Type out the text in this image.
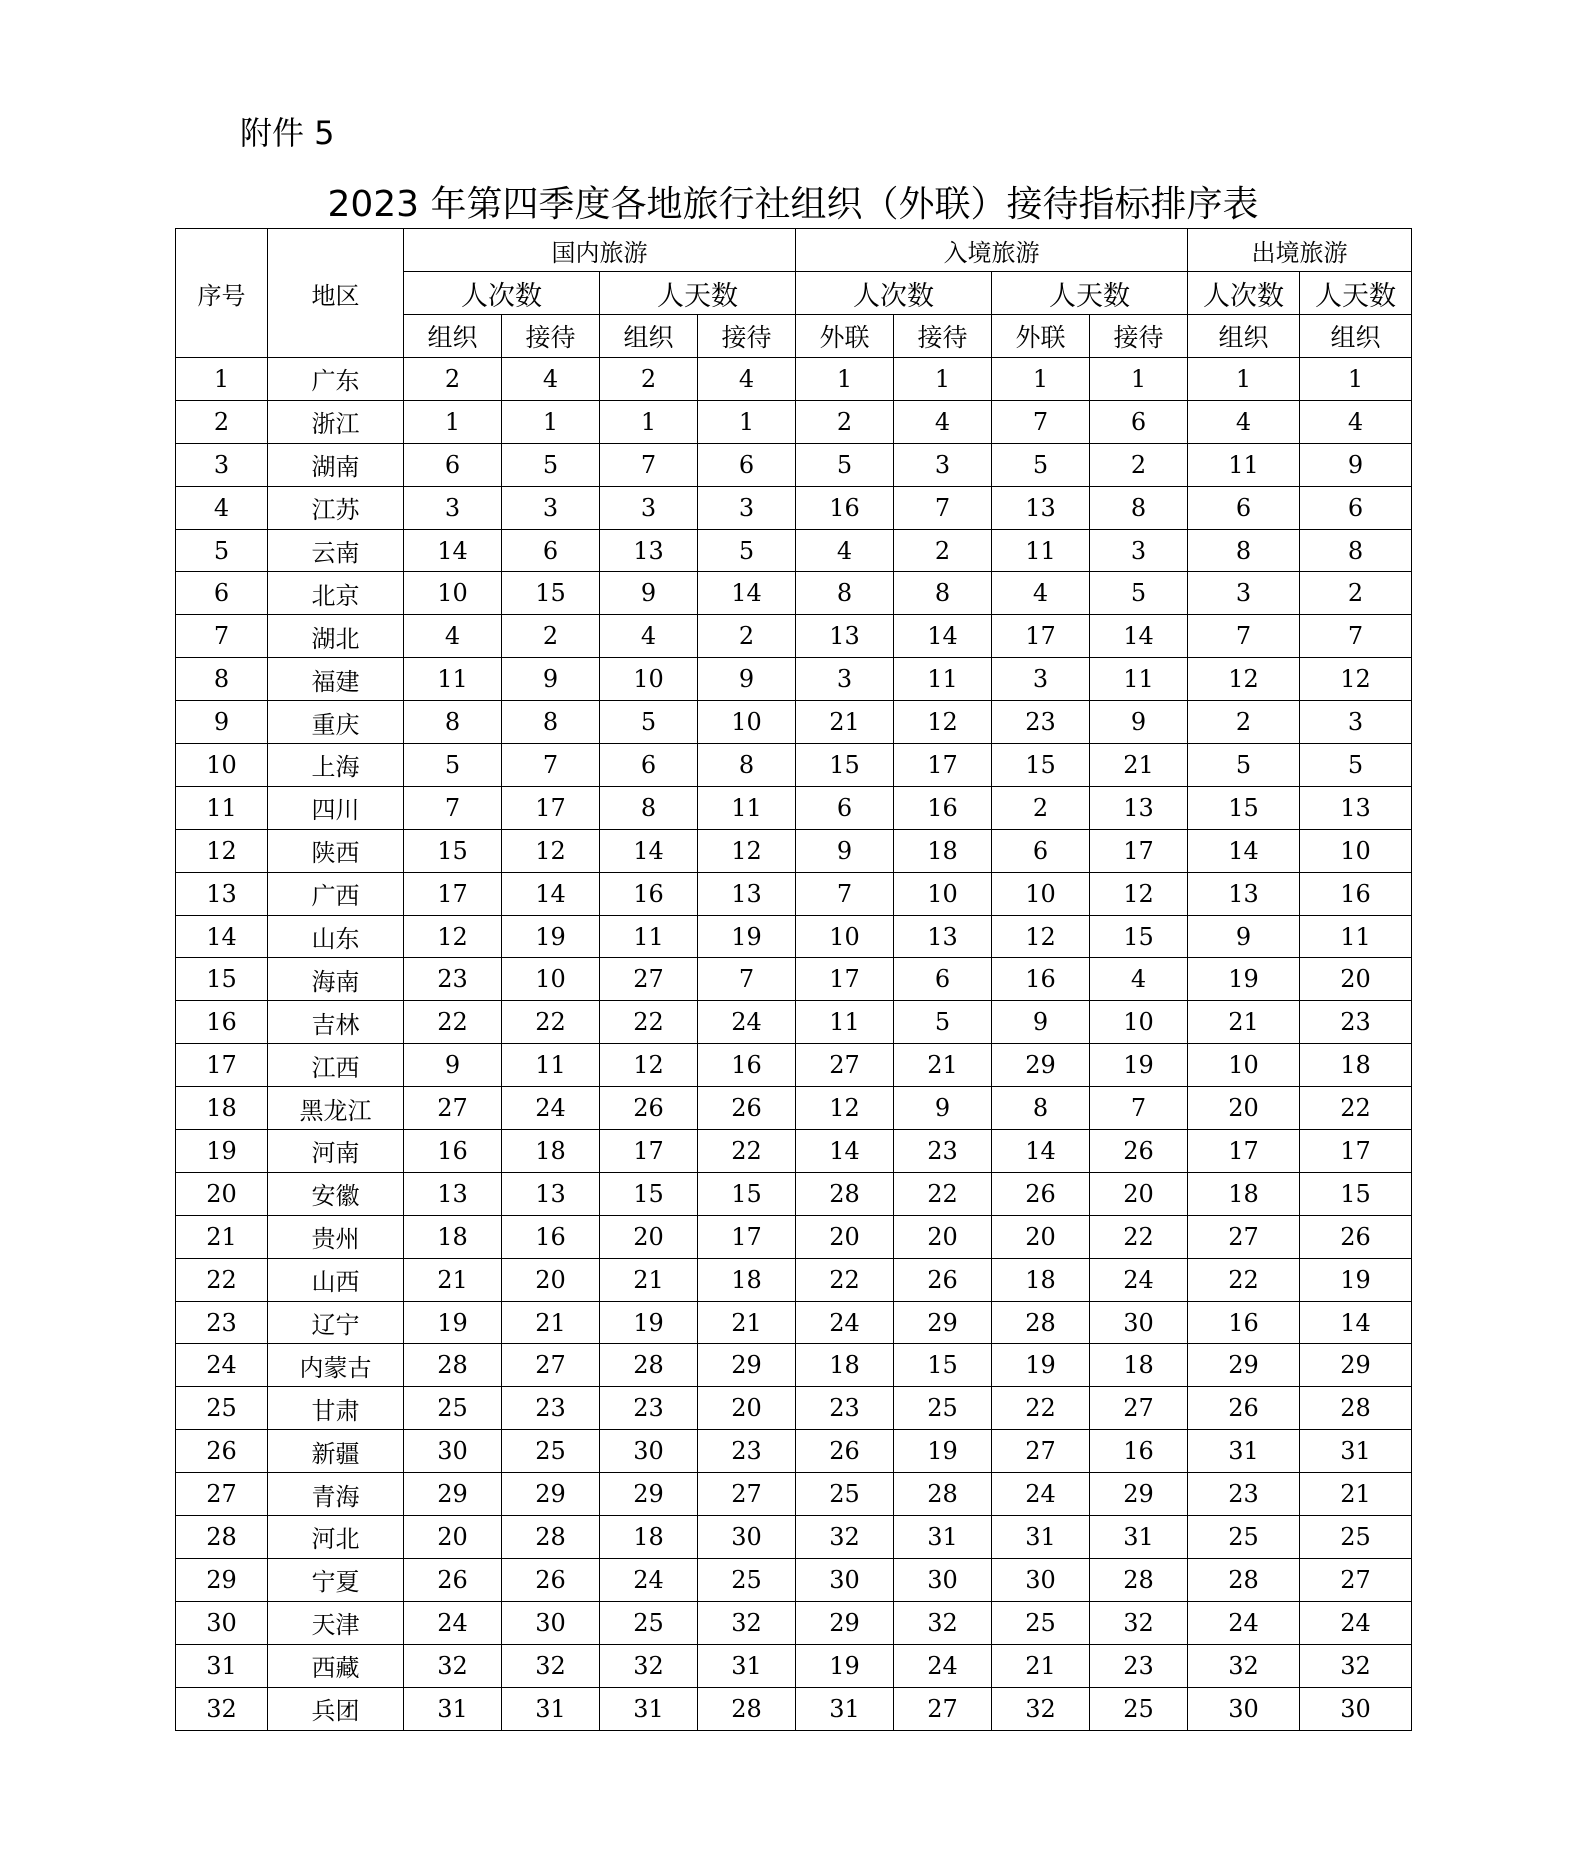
附件 5
2023 年第四季度各地旅行社组织（外联）接待指标排序表
序号	地区	国内旅游				入境旅游				出境旅游	
		人次数		人天数		人次数		人天数		人次数	人天数
		组织	接待	组织	接待	外联	接待	外联	接待	组织	组织
1	广东	2	4	2	4	1	1	1	1	1	1
2	浙江	1	1	1	1	2	4	7	6	4	4
3	湖南	6	5	7	6	5	3	5	2	11	9
4	江苏	3	3	3	3	16	7	13	8	6	6
5	云南	14	6	13	5	4	2	11	3	8	8
6	北京	10	15	9	14	8	8	4	5	3	2
7	湖北	4	2	4	2	13	14	17	14	7	7
8	福建	11	9	10	9	3	11	3	11	12	12
9	重庆	8	8	5	10	21	12	23	9	2	3
10	上海	5	7	6	8	15	17	15	21	5	5
11	四川	7	17	8	11	6	16	2	13	15	13
12	陕西	15	12	14	12	9	18	6	17	14	10
13	广西	17	14	16	13	7	10	10	12	13	16
14	山东	12	19	11	19	10	13	12	15	9	11
15	海南	23	10	27	7	17	6	16	4	19	20
16	吉林	22	22	22	24	11	5	9	10	21	23
17	江西	9	11	12	16	27	21	29	19	10	18
18	黑龙江	27	24	26	26	12	9	8	7	20	22
19	河南	16	18	17	22	14	23	14	26	17	17
20	安徽	13	13	15	15	28	22	26	20	18	15
21	贵州	18	16	20	17	20	20	20	22	27	26
22	山西	21	20	21	18	22	26	18	24	22	19
23	辽宁	19	21	19	21	24	29	28	30	16	14
24	内蒙古	28	27	28	29	18	15	19	18	29	29
25	甘肃	25	23	23	20	23	25	22	27	26	28
26	新疆	30	25	30	23	26	19	27	16	31	31
27	青海	29	29	29	27	25	28	24	29	23	21
28	河北	20	28	18	30	32	31	31	31	25	25
29	宁夏	26	26	24	25	30	30	30	28	28	27
30	天津	24	30	25	32	29	32	25	32	24	24
31	西藏	32	32	32	31	19	24	21	23	32	32
32	兵团	31	31	31	28	31	27	32	25	30	30
